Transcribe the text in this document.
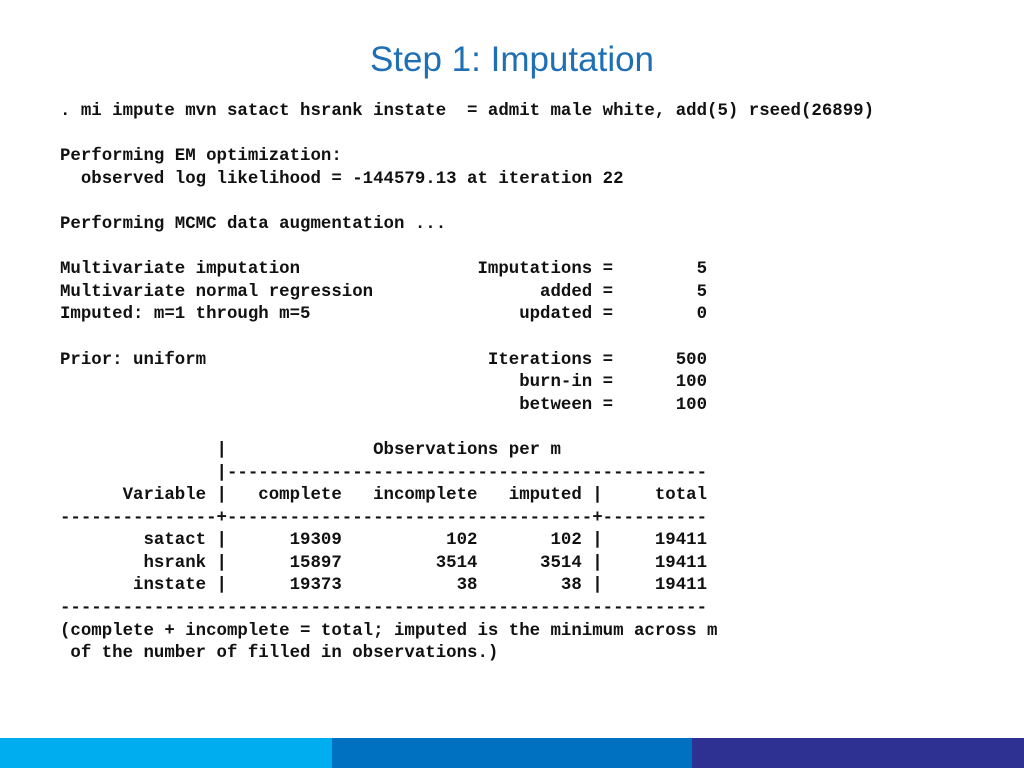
Step 1: Imputation
. mi impute mvn satact hsrank instate  = admit male white, add(5) rseed(26899)
Performing EM optimization:
observed log likelihood = -144579.13 at iteration 22
Performing MCMC data augmentation ...
Multivariate imputation                 Imputations =        5
Multivariate normal regression                added =        5
Imputed: m=1 through m=5                    updated =        0
Prior: uniform                           Iterations =      500
burn-in =      100
between =      100
|              Observations per m
|----------------------------------------------
Variable |   complete   incomplete   imputed |     total
---------------+-----------------------------------+----------
satact |      19309          102       102 |     19411
hsrank |      15897         3514      3514 |     19411
instate |      19373           38        38 |     19411
--------------------------------------------------------------
(complete + incomplete = total; imputed is the minimum across m
of the number of filled in observations.)
